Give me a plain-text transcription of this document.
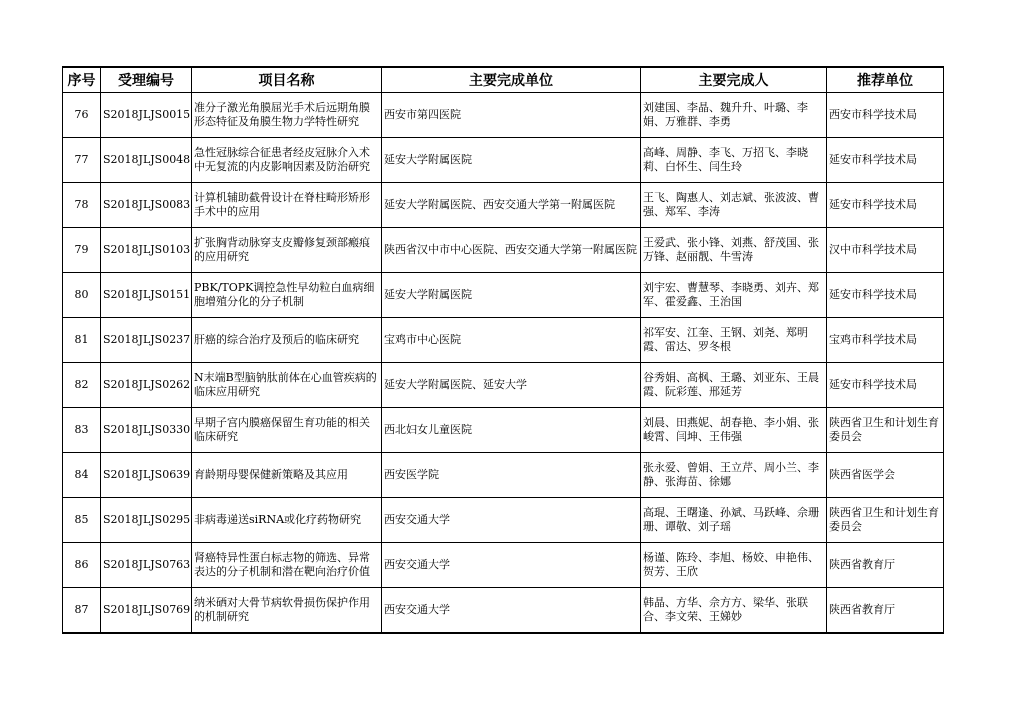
序号	受理编号	项目名称	主要完成单位	主要完成人	推荐单位
76	S2018JLJS0015	准分子激光角膜屈光手术后远期角膜形态特征及角膜生物力学特性研究	西安市第四医院	刘建国、李晶、魏升升、叶璐、李娟、万雅群、李勇	西安市科学技术局
77	S2018JLJS0048	急性冠脉综合征患者经皮冠脉介入术中无复流的内皮影响因素及防治研究	延安大学附属医院	高峰、周静、李飞、万招飞、李晓莉、白怀生、闫生玲	延安市科学技术局
78	S2018JLJS0083	计算机辅助截骨设计在脊柱畸形矫形手术中的应用	延安大学附属医院、西安交通大学第一附属医院	王飞、陶惠人、刘志斌、张波波、曹强、郑军、李涛	延安市科学技术局
79	S2018JLJS0103	扩张胸背动脉穿支皮瓣修复颈部瘢痕的应用研究	陕西省汉中市中心医院、西安交通大学第一附属医院	王爱武、张小锋、刘燕、舒茂国、张万锋、赵丽靓、牛雪涛	汉中市科学技术局
80	S2018JLJS0151	PBK/TOPK调控急性早幼粒白血病细胞增殖分化的分子机制	延安大学附属医院	刘宇宏、曹慧琴、李晓勇、刘卉、郑军、霍爱鑫、王治国	延安市科学技术局
81	S2018JLJS0237	肝癌的综合治疗及预后的临床研究	宝鸡市中心医院	祁军安、江奎、王钢、刘尧、郑明霞、雷达、罗冬根	宝鸡市科学技术局
82	S2018JLJS0262	N末端B型脑钠肽前体在心血管疾病的临床应用研究	延安大学附属医院、延安大学	谷秀娟、高枫、王璐、刘亚东、王晨霞、阮彩莲、邢延芳	延安市科学技术局
83	S2018JLJS0330	早期子宫内膜癌保留生育功能的相关临床研究	西北妇女儿童医院	刘晨、田燕妮、胡春艳、李小娟、张峻霄、闫坤、王伟强	陕西省卫生和计划生育委员会
84	S2018JLJS0639	育龄期母婴保健新策略及其应用	西安医学院	张永爱、曾娟、王立芹、周小兰、李静、张海苗、徐娜	陕西省医学会
85	S2018JLJS0295	非病毒递送siRNA或化疗药物研究	西安交通大学	高琨、王曙逢、孙斌、马跃峰、佘珊珊、谭敬、刘子瑶	陕西省卫生和计划生育委员会
86	S2018JLJS0763	肾癌特异性蛋白标志物的筛选、异常表达的分子机制和潜在靶向治疗价值	西安交通大学	杨谨、陈玲、李旭、杨姣、申艳伟、贺芳、王欣	陕西省教育厅
87	S2018JLJS0769	纳米硒对大骨节病软骨损伤保护作用的机制研究	西安交通大学	韩晶、方华、佘方方、梁华、张联合、李文荣、王娣妙	陕西省教育厅
